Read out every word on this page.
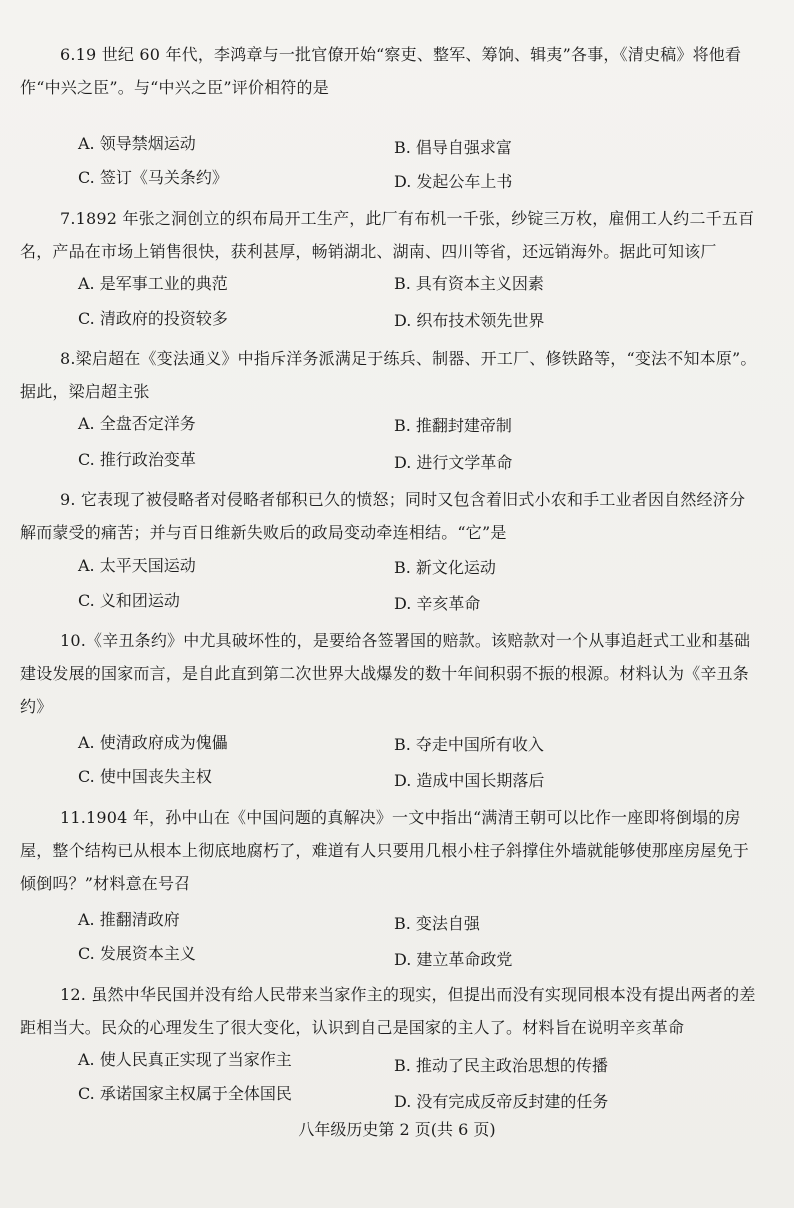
6.19 世纪 60 年代，李鸿章与一批官僚开始“察吏、整军、筹饷、辑夷”各事，《清史稿》将他看作“中兴之臣”。与“中兴之臣”评价相符的是

A. 领导禁烟运动	B. 倡导自强求富
C. 签订《马关条约》	D. 发起公车上书

7.1892 年张之洞创立的织布局开工生产，此厂有布机一千张，纱锭三万枚，雇佣工人约二千五百名，产品在市场上销售很快，获利甚厚，畅销湖北、湖南、四川等省，还远销海外。据此可知该厂

A. 是军事工业的典范	B. 具有资本主义因素
C. 清政府的投资较多	D. 织布技术领先世界

8.梁启超在《变法通义》中指斥洋务派满足于练兵、制器、开工厂、修铁路等，“变法不知本原”。据此，梁启超主张

A. 全盘否定洋务	B. 推翻封建帝制
C. 推行政治变革	D. 进行文学革命

9. 它表现了被侵略者对侵略者郁积已久的愤怒；同时又包含着旧式小农和手工业者因自然经济分解而蒙受的痛苦；并与百日维新失败后的政局变动牵连相结。“它”是

A. 太平天国运动	B. 新文化运动
C. 义和团运动	D. 辛亥革命

10.《辛丑条约》中尤具破坏性的，是要给各签署国的赔款。该赔款对一个从事追赶式工业和基础建设发展的国家而言，是自此直到第二次世界大战爆发的数十年间积弱不振的根源。材料认为《辛丑条约》

A. 使清政府成为傀儡	B. 夺走中国所有收入
C. 使中国丧失主权	D. 造成中国长期落后

11.1904 年，孙中山在《中国问题的真解决》一文中指出“满清王朝可以比作一座即将倒塌的房屋，整个结构已从根本上彻底地腐朽了，难道有人只要用几根小柱子斜撑住外墙就能够使那座房屋免于倾倒吗？”材料意在号召

A. 推翻清政府	B. 变法自强
C. 发展资本主义	D. 建立革命政党

12. 虽然中华民国并没有给人民带来当家作主的现实，但提出而没有实现同根本没有提出两者的差距相当大。民众的心理发生了很大变化，认识到自己是国家的主人了。材料旨在说明辛亥革命

A. 使人民真正实现了当家作主	B. 推动了民主政治思想的传播
C. 承诺国家主权属于全体国民	D. 没有完成反帝反封建的任务
八年级历史第 2 页(共 6 页)
